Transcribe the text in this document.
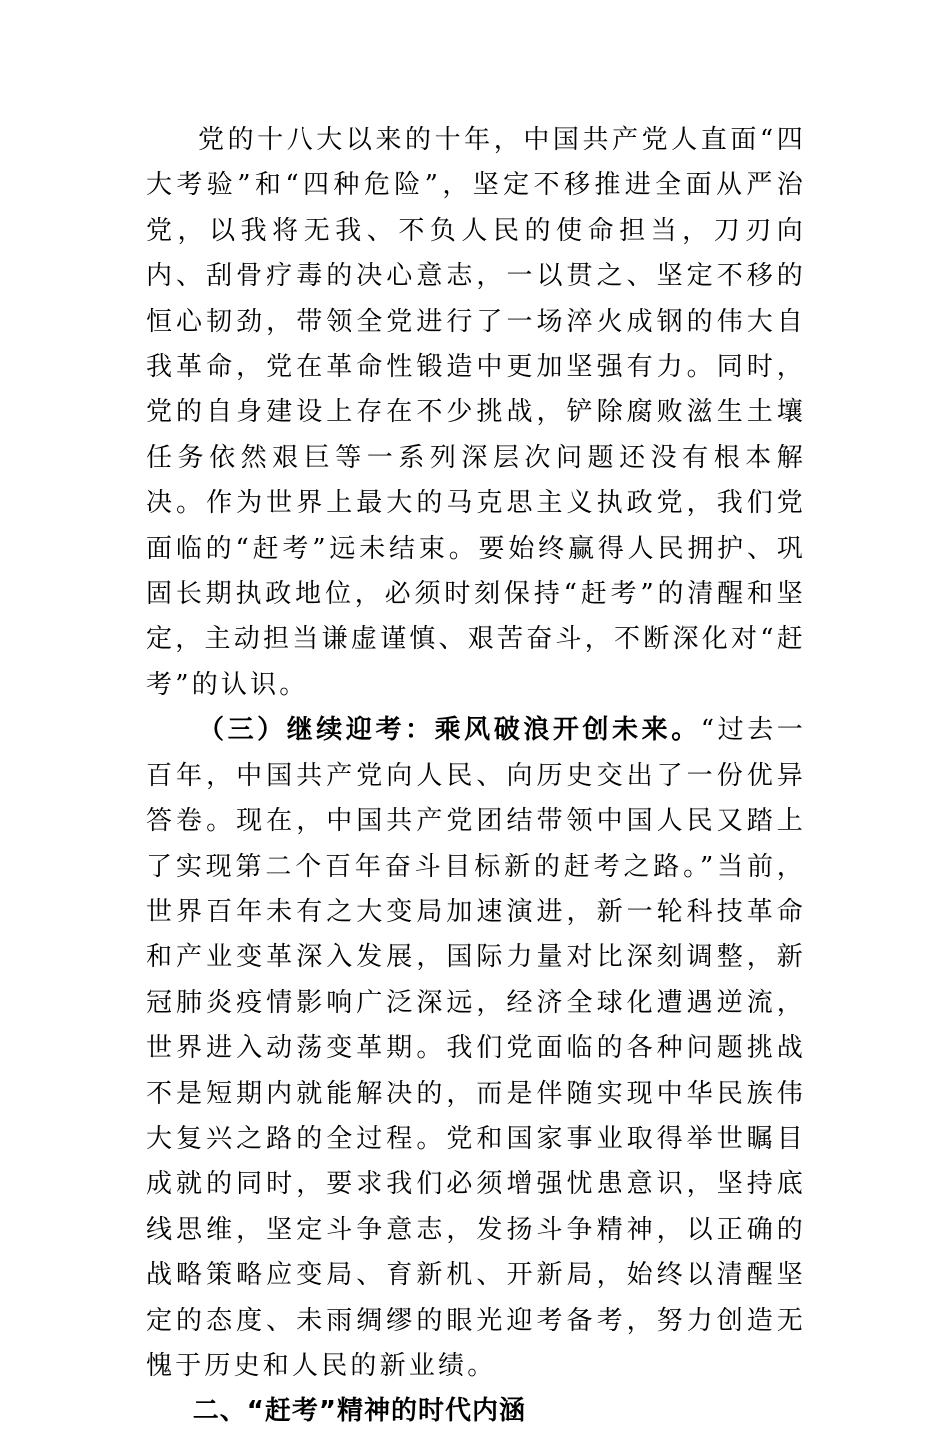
党的十八大以来的十年，中国共产党人直面“四大考验”和“四种危险”，坚定不移推进全面从严治党，以我将无我、不负人民的使命担当，刀刃向内、刮骨疗毒的决心意志，一以贯之、坚定不移的恒心韧劲，带领全党进行了一场淬火成钢的伟大自我革命，党在革命性锻造中更加坚强有力。同时，党的自身建设上存在不少挑战，铲除腐败滋生土壤任务依然艰巨等一系列深层次问题还没有根本解决。作为世界上最大的马克思主义执政党，我们党面临的“赶考”远未结束。要始终赢得人民拥护、巩固长期执政地位，必须时刻保持“赶考”的清醒和坚定，主动担当谦虚谨慎、艰苦奋斗，不断深化对“赶考”的认识。

（三）继续迎考：乘风破浪开创未来。“过去一百年，中国共产党向人民、向历史交出了一份优异答卷。现在，中国共产党团结带领中国人民又踏上了实现第二个百年奋斗目标新的赶考之路。”当前，世界百年未有之大变局加速演进，新一轮科技革命和产业变革深入发展，国际力量对比深刻调整，新冠肺炎疫情影响广泛深远，经济全球化遭遇逆流，世界进入动荡变革期。我们党面临的各种问题挑战不是短期内就能解决的，而是伴随实现中华民族伟大复兴之路的全过程。党和国家事业取得举世瞩目成就的同时，要求我们必须增强忧患意识，坚持底线思维，坚定斗争意志，发扬斗争精神，以正确的战略策略应变局、育新机、开新局，始终以清醒坚定的态度、未雨绸缪的眼光迎考备考，努力创造无愧于历史和人民的新业绩。

二、“赶考”精神的时代内涵
